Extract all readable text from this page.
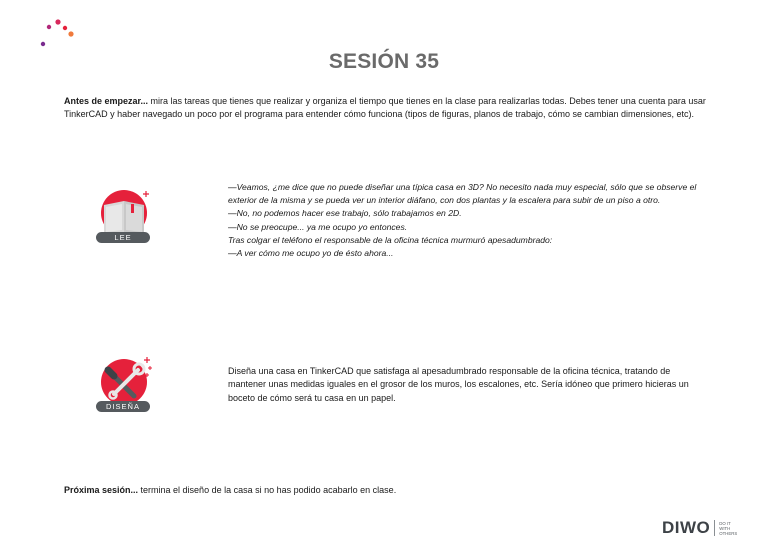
SESIÓN 35
Antes de empezar... mira las tareas que tienes que realizar y organiza el tiempo que tienes en la clase para realizarlas todas. Debes tener una cuenta para usar TinkerCAD y haber navegado un poco por el programa para entender cómo funciona (tipos de figuras, planos de trabajo, cómo se cambian dimensiones, etc).
LEE

—Veamos, ¿me dice que no puede diseñar una típica casa en 3D? No necesito nada muy especial, sólo que se observe el exterior de la misma y se pueda ver un interior diáfano, con dos plantas y la escalera para subir de un piso a otro.

—No, no podemos hacer ese trabajo, sólo trabajamos en 2D.

—No se preocupe... ya me ocupo yo entonces.

Tras colgar el teléfono el responsable de la oficina técnica murmuró apesadumbrado:

—A ver cómo me ocupo yo de ésto ahora...

DISEÑA
Diseña una casa en TinkerCAD que satisfaga al apesadumbrado responsable de la oficina técnica, tratando de mantener unas medidas iguales en el grosor de los muros, los escalones, etc. Sería idóneo que primero hicieras un boceto de cómo será tu casa en un papel.
Próxima sesión... termina el diseño de la casa si no has podido acabarlo en clase.
DIWO DO IT
WITH
OTHERS
